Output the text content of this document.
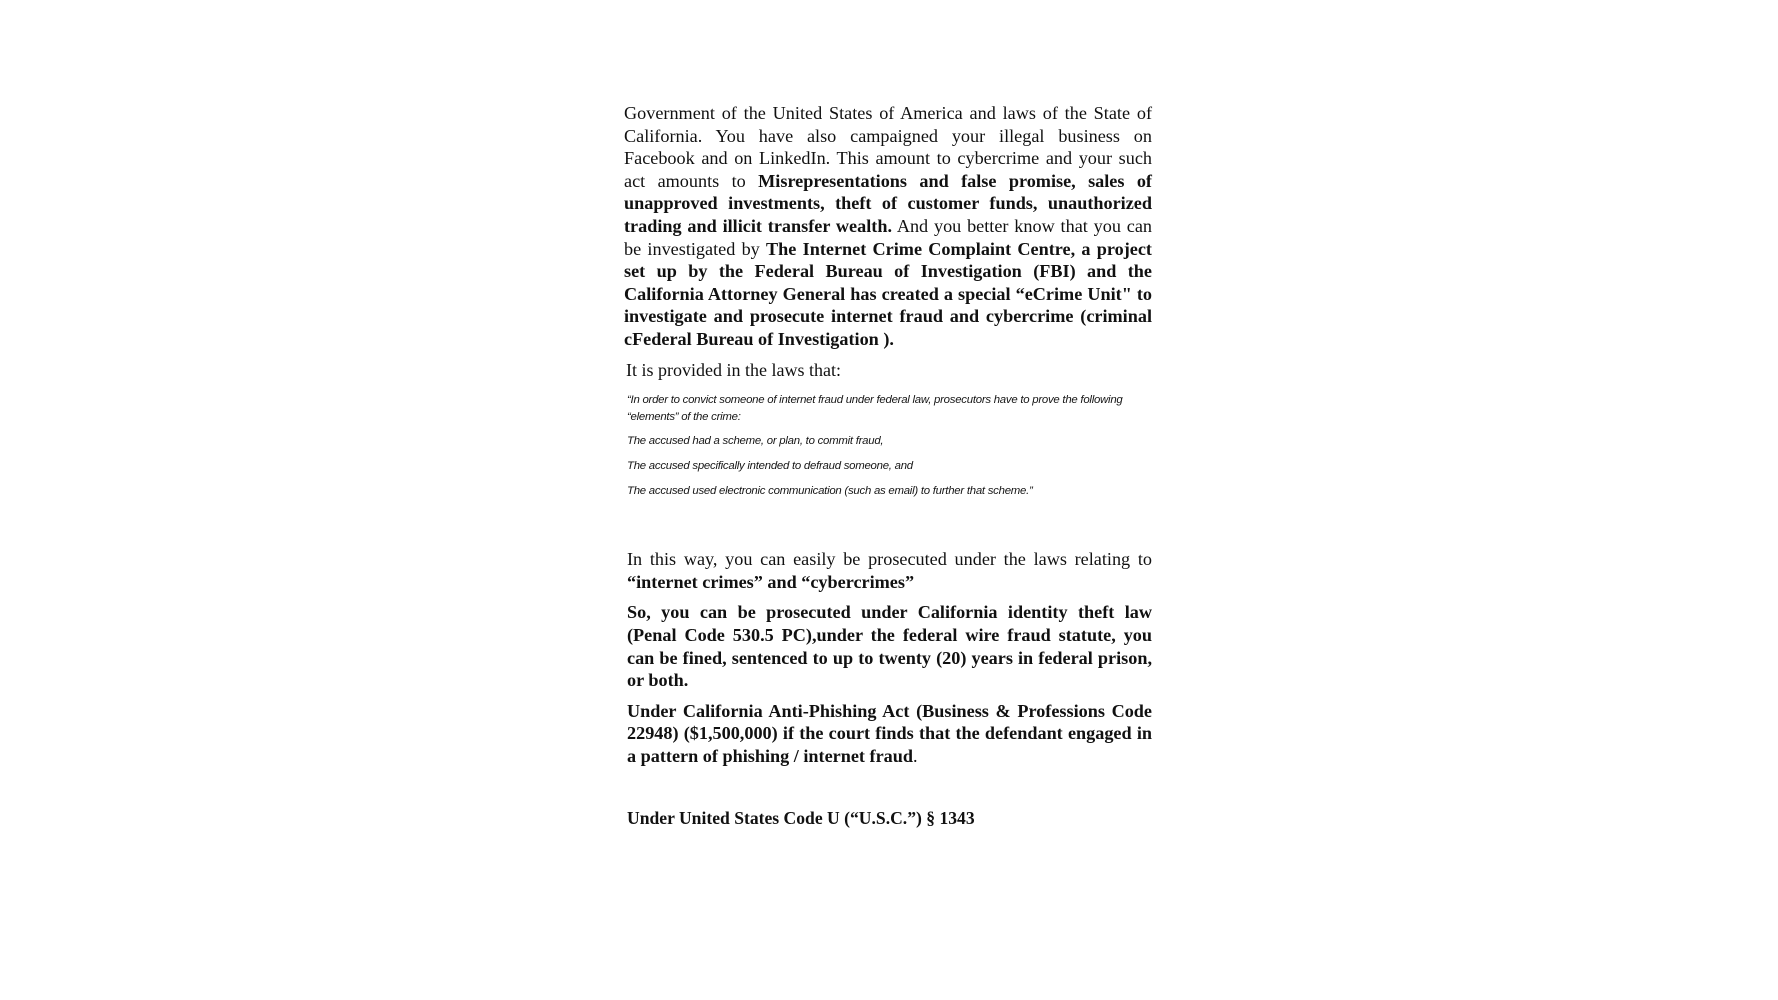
Government of the United States of America and laws of the State of California. You have also campaigned your illegal business on Facebook and on LinkedIn. This amount to cybercrime and your such act amounts to Misrepresentations and false promise, sales of unapproved investments, theft of customer funds, unauthorized trading and illicit transfer wealth. And you better know that you can be investigated by The Internet Crime Complaint Centre, a project set up by the Federal Bureau of Investigation (FBI) and the California Attorney General has created a special “eCrime Unit" to investigate and prosecute internet fraud and cybercrime (criminal cFederal Bureau of Investigation ).

It is provided in the laws that:

“In order to convict someone of internet fraud under federal law, prosecutors have to prove the following “elements” of the crime:

The accused had a scheme, or plan, to commit fraud,

The accused specifically intended to defraud someone, and

The accused used electronic communication (such as email) to further that scheme.”

In this way, you can easily be prosecuted under the laws relating to “internet crimes” and “cybercrimes”

So, you can be prosecuted under California identity theft law (Penal Code 530.5 PC),under the federal wire fraud statute, you can be fined, sentenced to up to twenty (20) years in federal prison, or both.

Under California Anti-Phishing Act (Business & Professions Code 22948) ($1,500,000) if the court finds that the defendant engaged in a pattern of phishing / internet fraud.

Under United States Code U (“U.S.C.”) § 1343
